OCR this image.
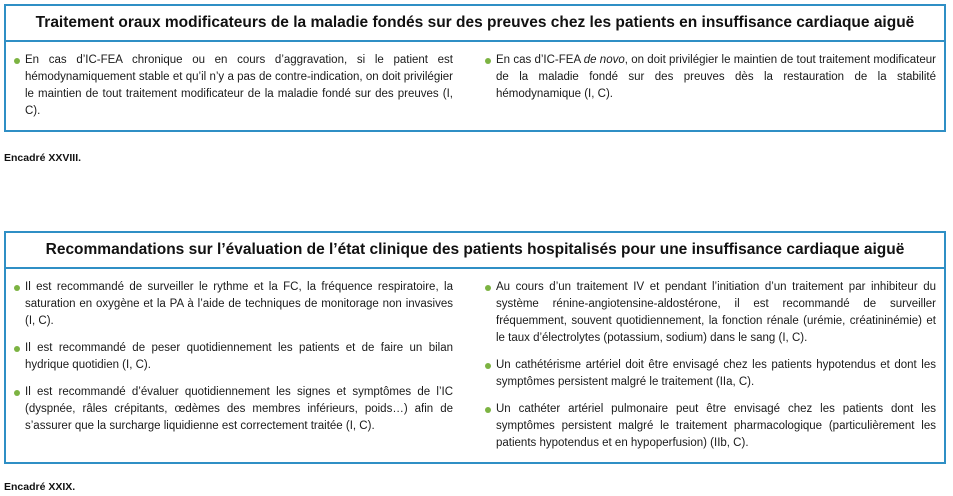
Traitement oraux modificateurs de la maladie fondés sur des preuves chez les patients en insuffisance cardiaque aiguë
En cas d’IC-FEA chronique ou en cours d’aggravation, si le patient est hémodynamiquement stable et qu’il n’y a pas de contre-indication, on doit privilégier le maintien de tout traitement modificateur de la maladie fondé sur des preuves (I, C).
En cas d’IC-FEA de novo, on doit privilégier le maintien de tout traitement modificateur de la maladie fondé sur des preuves dès la restauration de la stabilité hémodynamique (I, C).
Encadré XXVIII.
Recommandations sur l’évaluation de l’état clinique des patients hospitalisés pour une insuffisance cardiaque aiguë
Il est recommandé de surveiller le rythme et la FC, la fréquence respiratoire, la saturation en oxygène et la PA à l’aide de techniques de monitorage non invasives (I, C).
Il est recommandé de peser quotidiennement les patients et de faire un bilan hydrique quotidien (I, C).
Il est recommandé d’évaluer quotidiennement les signes et symptômes de l’IC (dyspnée, râles crépitants, œdèmes des membres inférieurs, poids…) afin de s’assurer que la surcharge liquidienne est correctement traitée (I, C).
Au cours d’un traitement IV et pendant l’initiation d’un traitement par inhibiteur du système rénine-angiotensine-aldostérone, il est recommandé de surveiller fréquemment, souvent quotidiennement, la fonction rénale (urémie, créatininémie) et le taux d’électrolytes (potassium, sodium) dans le sang (I, C).
Un cathétérisme artériel doit être envisagé chez les patients hypotendus et dont les symptômes persistent malgré le traitement (IIa, C).
Un cathéter artériel pulmonaire peut être envisagé chez les patients dont les symptômes persistent malgré le traitement pharmacologique (particulièrement les patients hypotendus et en hypoperfusion) (IIb, C).
Encadré XXIX.
